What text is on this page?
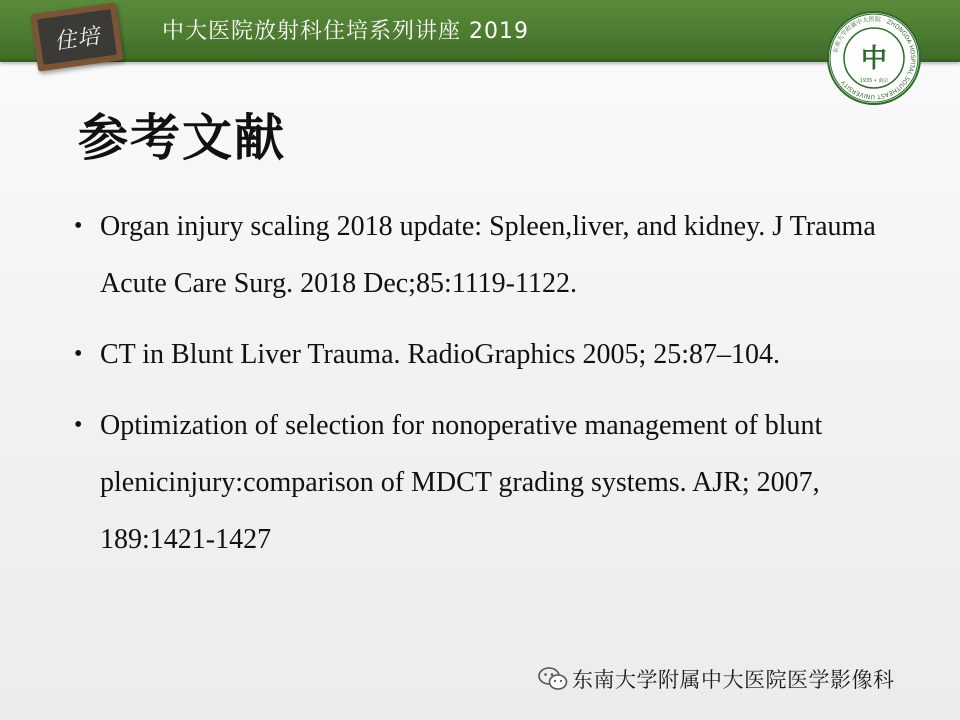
中大医院放射科住培系列讲座 2019
住培	东南大学附属中大医院 · ZHONGDA HOSPITAL SOUTHEAST UNIVERSITY
中
1935 • 南京
参考文献
• Organ injury scaling 2018 update: Spleen,liver, and kidney. J Trauma Acute Care Surg. 2018 Dec;85:1119-1122.
• CT in Blunt Liver Trauma. RadioGraphics 2005; 25:87–104.
• Optimization of selection for nonoperative management of blunt plenicinjury:comparison of MDCT grading systems. AJR; 2007, 189:1421-1427
东南大学附属中大医院医学影像科
